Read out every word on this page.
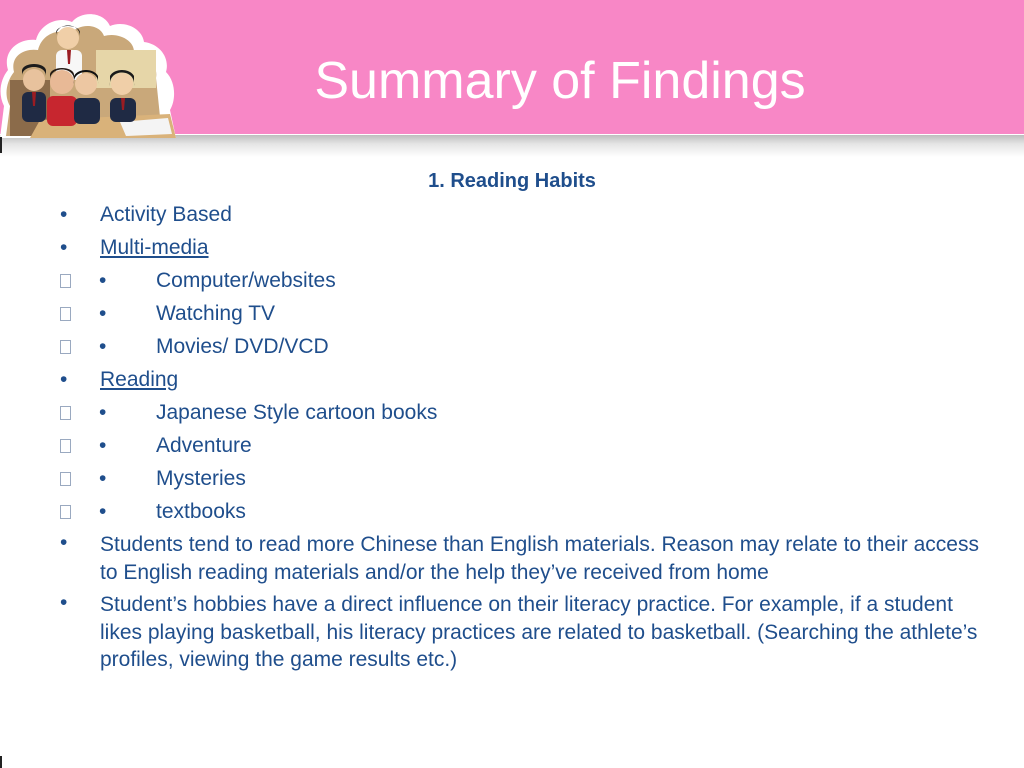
Summary of Findings
1. Reading Habits
• Activity Based
• Multi-media
• Computer/websites
• Watching TV
• Movies/ DVD/VCD
• Reading
• Japanese Style cartoon books
• Adventure
• Mysteries
• textbooks
• Students tend to read more Chinese than English materials. Reason may relate to their access to English reading materials and/or the help they’ve received from home
• Student’s hobbies have a direct influence on their literacy practice. For example, if a student likes playing basketball, his literacy practices are related to basketball. (Searching the athlete’s profiles, viewing the game results etc.)
